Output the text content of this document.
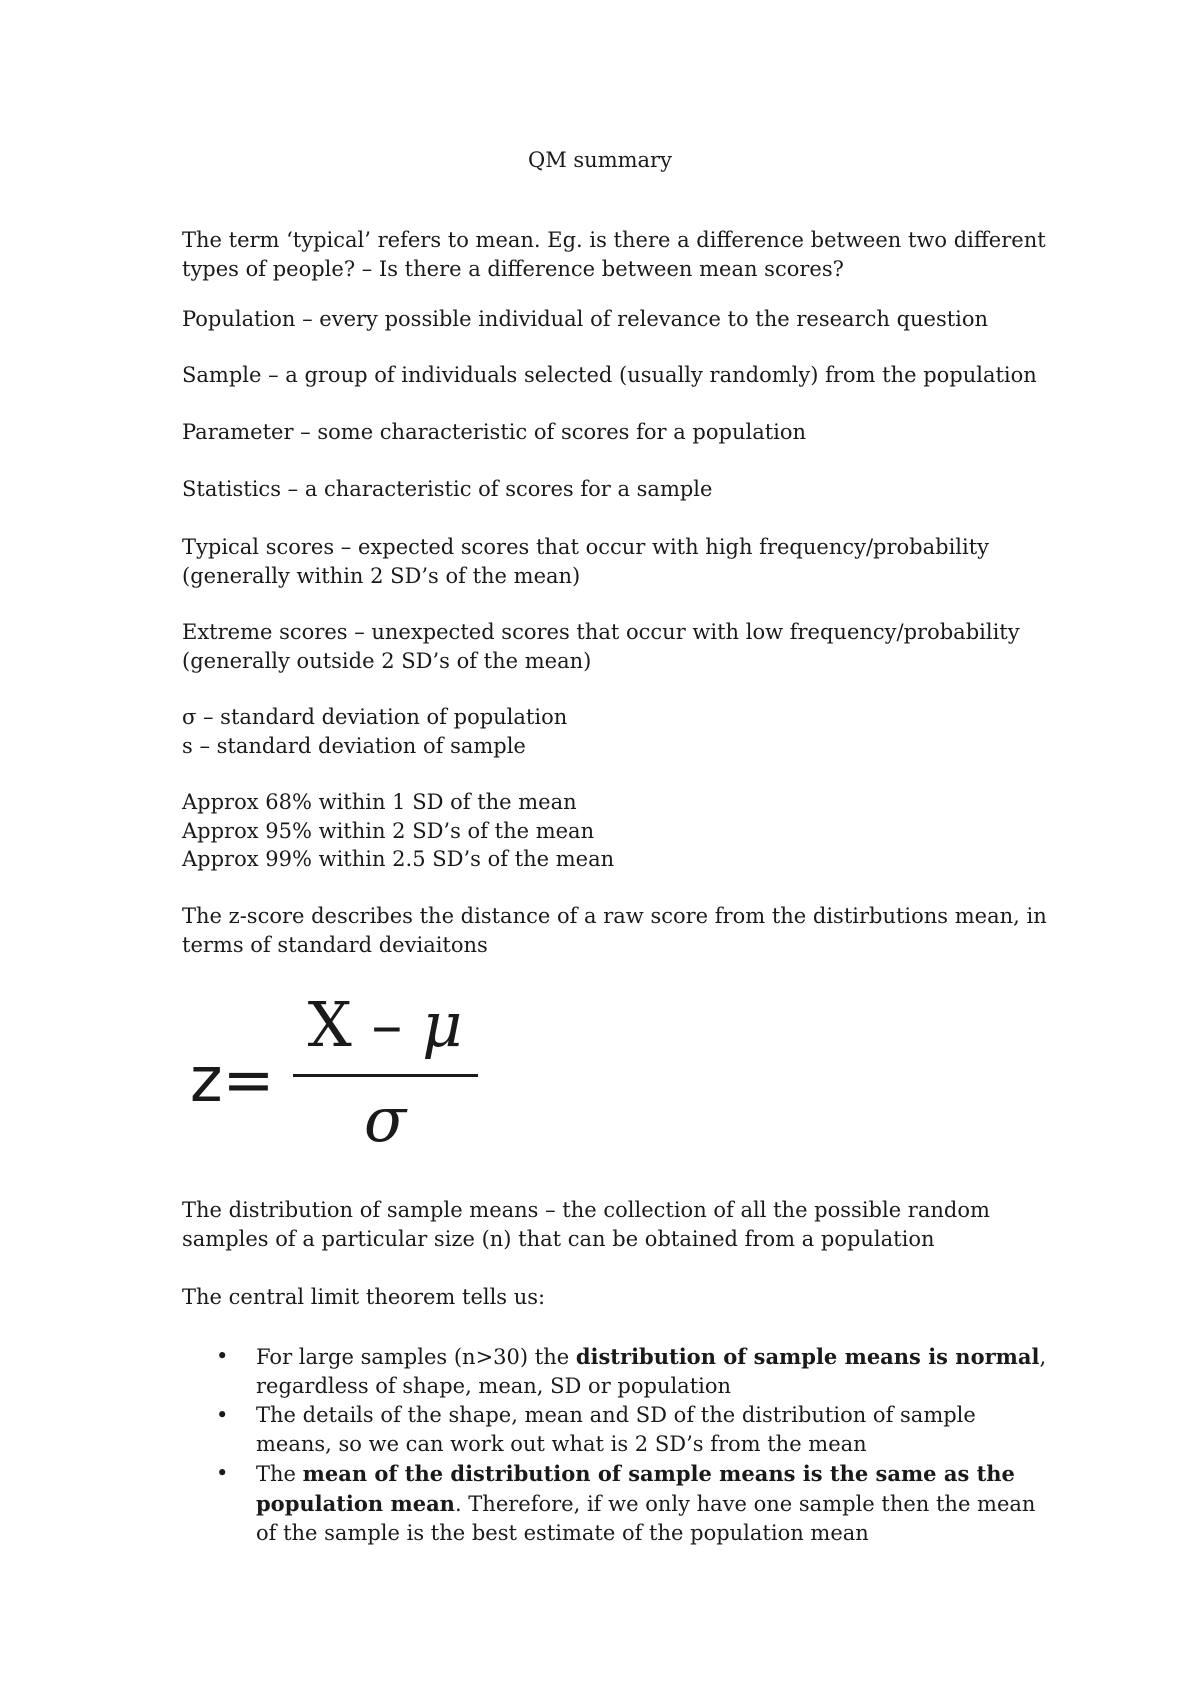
QM summary
The term ‘typical’ refers to mean. Eg. is there a difference between two different
types of people? – Is there a difference between mean scores?
Population – every possible individual of relevance to the research question
Sample – a group of individuals selected (usually randomly) from the population
Parameter – some characteristic of scores for a population
Statistics – a characteristic of scores for a sample
Typical scores – expected scores that occur with high frequency/probability
(generally within 2 SD’s of the mean)
Extreme scores – unexpected scores that occur with low frequency/probability
(generally outside 2 SD’s of the mean)
σ – standard deviation of population
s – standard deviation of sample
Approx 68% within 1 SD of the mean
Approx 95% within 2 SD’s of the mean
Approx 99% within 2.5 SD’s of the mean
The z-score describes the distance of a raw score from the distirbutions mean, in
terms of standard deviaitons
z=
X – μ
σ
The distribution of sample means – the collection of all the possible random
samples of a particular size (n) that can be obtained from a population
The central limit theorem tells us:
• For large samples (n>30) the distribution of sample means is normal,
regardless of shape, mean, SD or population
• The details of the shape, mean and SD of the distribution of sample
means, so we can work out what is 2 SD’s from the mean
• The mean of the distribution of sample means is the same as the
population mean. Therefore, if we only have one sample then the mean
of the sample is the best estimate of the population mean
